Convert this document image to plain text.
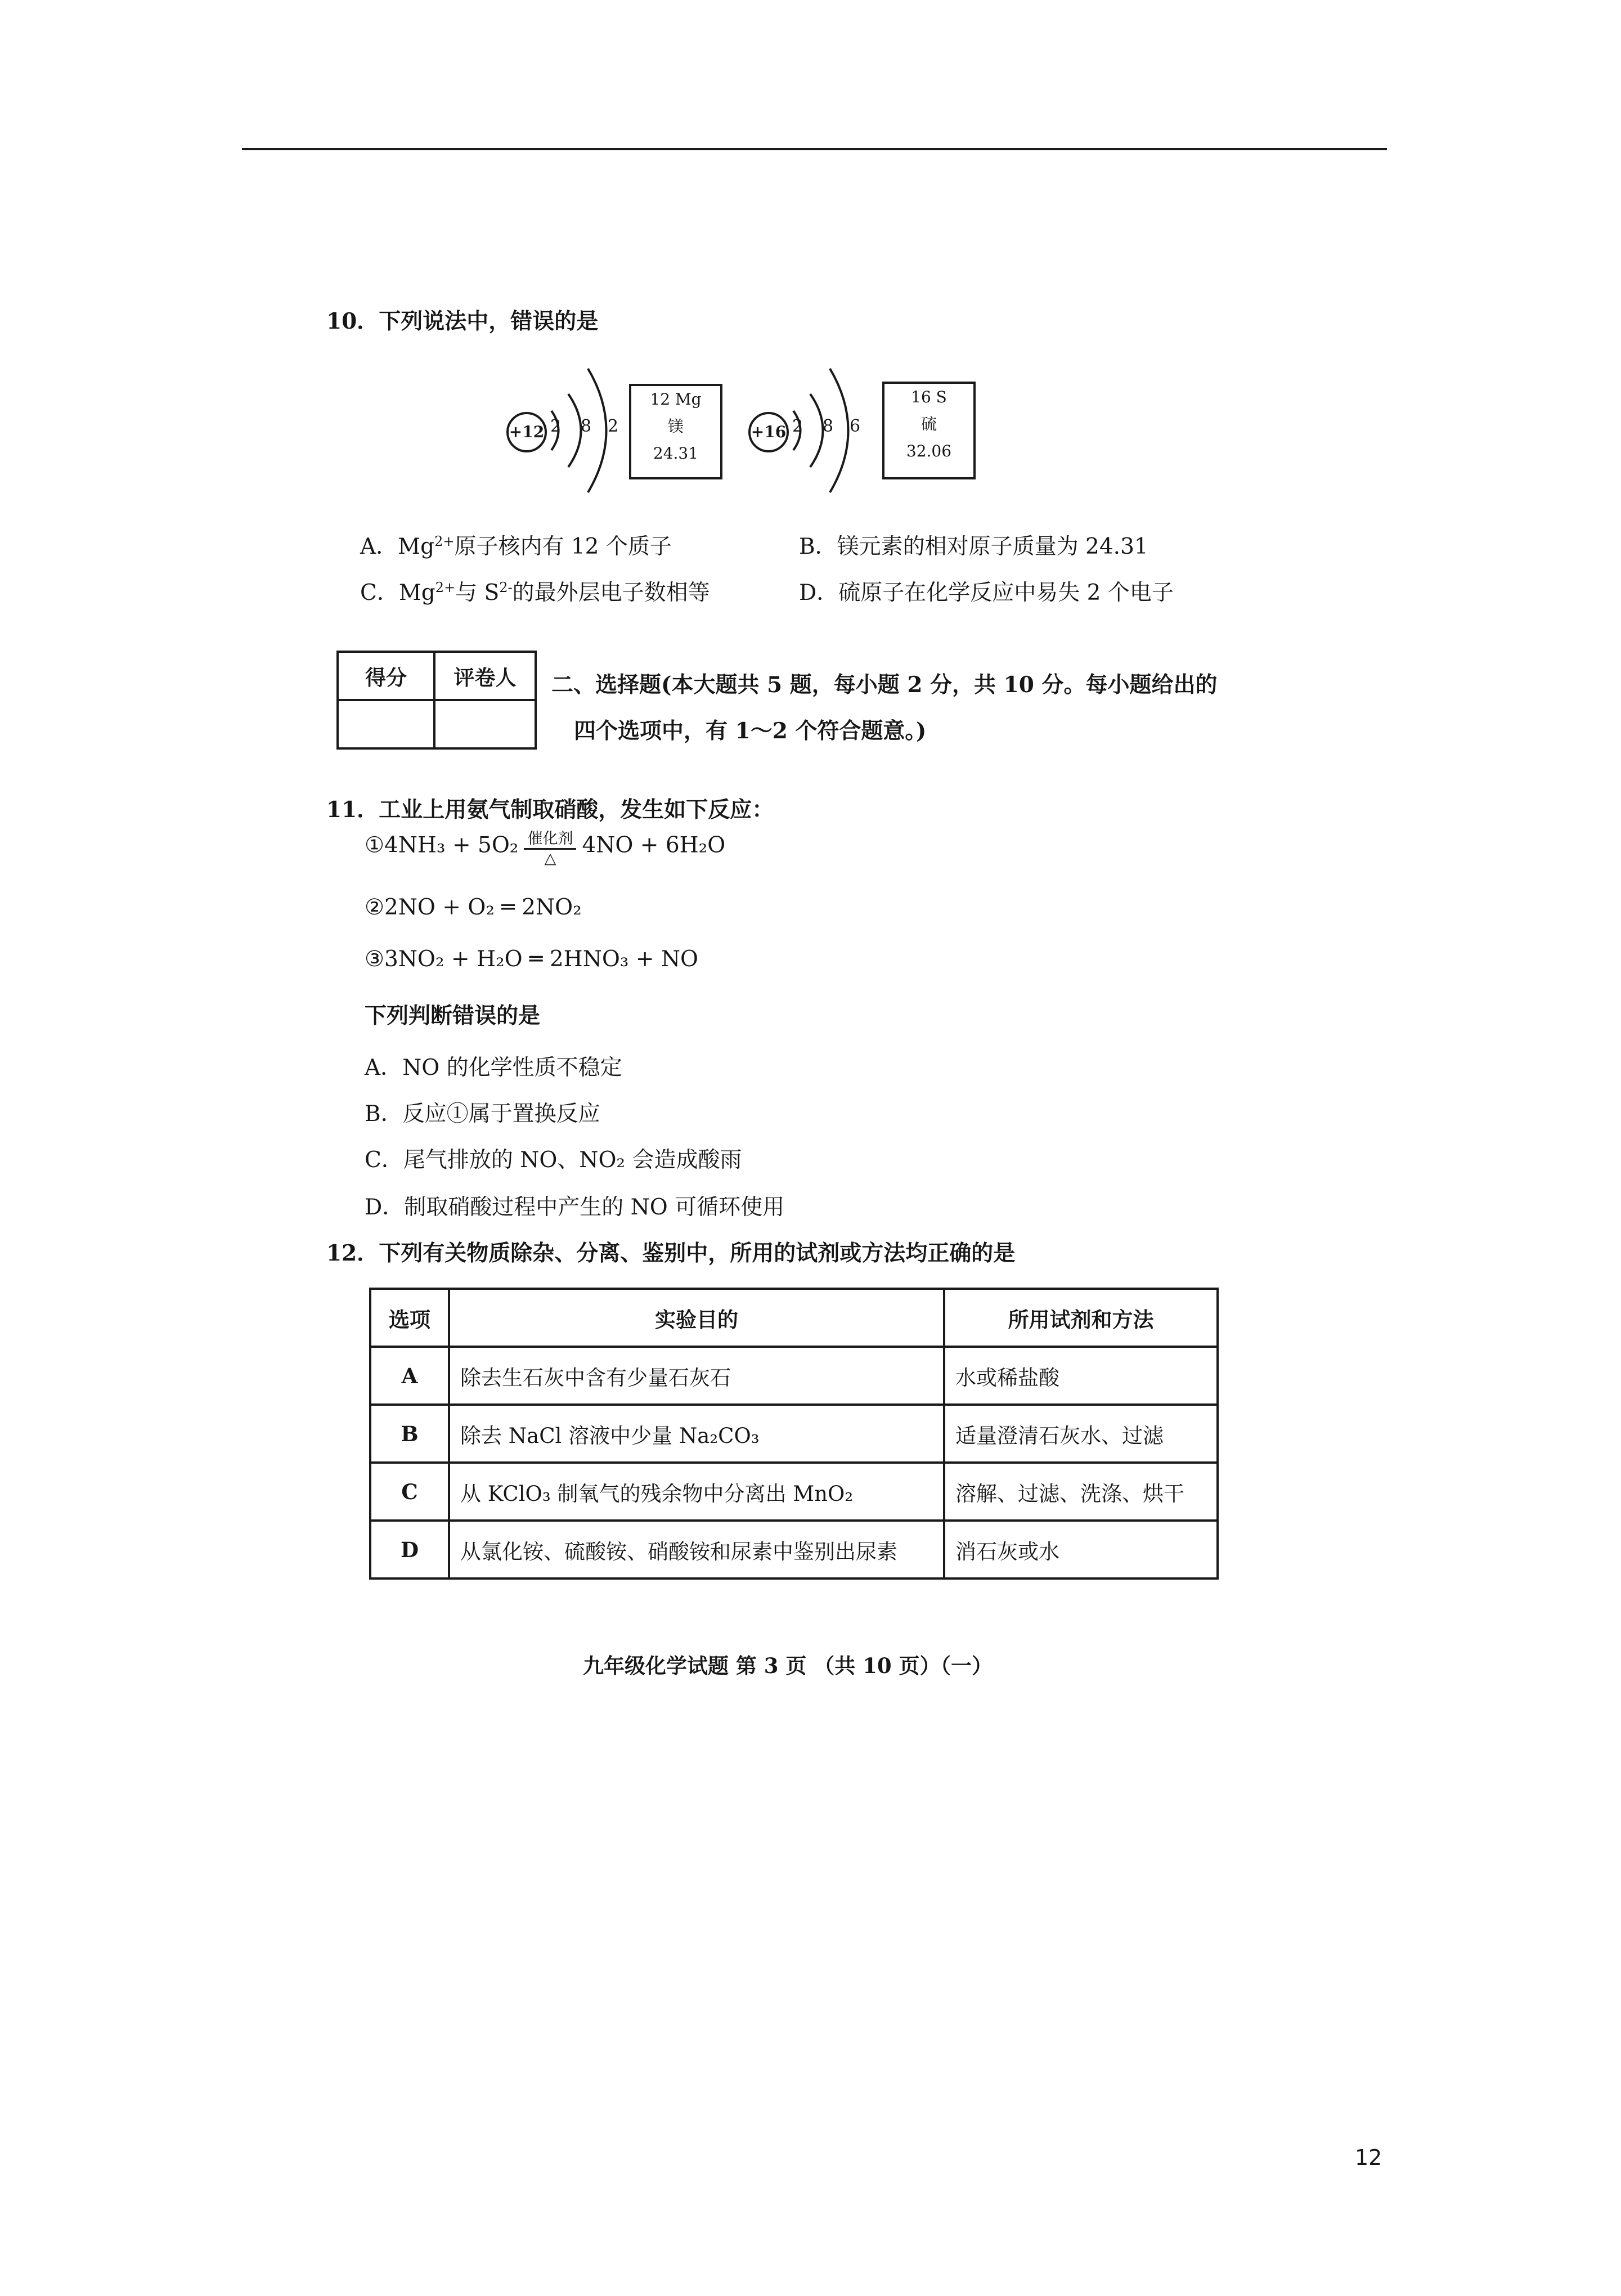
10．下列说法中，错误的是
+12 2 8 2
12 Mg
镁
24.31
+16 2 8 6
16 S
硫
32.06
A．$Mg^{2+}$原子核内有 12 个质子	B．镁元素的相对原子质量为 24.31
C．$Mg^{2+}$与 $S^{2-}$的最外层电子数相等	D．硫原子在化学反应中易失 2 个电子
得分	评卷人
	二、选择题(本大题共 5 题，每小题 2 分，共 10 分。每小题给出的
四个选项中，有 1～2 个符合题意。)
11．工业上用氨气制取硝酸，发生如下反应：
①4NH₃ + $5O_2 \frac{\text{催化剂}}{\triangle} 4NO + 6H_2O$
②2NO + O₂ ═ 2NO₂
③3NO₂ + H₂O ═ 2HNO₃ + NO
下列判断错误的是
A．NO 的化学性质不稳定
B．反应①属于置换反应
C．尾气排放的 NO、NO₂ 会造成酸雨
D．制取硝酸过程中产生的 NO 可循环使用
12．下列有关物质除杂、分离、鉴别中，所用的试剂或方法均正确的是
选项	实验目的	所用试剂和方法
A	除去生石灰中含有少量石灰石	水或稀盐酸
B	除去 NaCl 溶液中少量 Na₂CO₃	适量澄清石灰水、过滤
C	从 KClO₃ 制氧气的残余物中分离出 MnO₂	溶解、过滤、洗涤、烘干
D	从氯化铵、硫酸铵、硝酸铵和尿素中鉴别出尿素	消石灰或水
九年级化学试题 第 3 页 （共 10 页）（一）
12
